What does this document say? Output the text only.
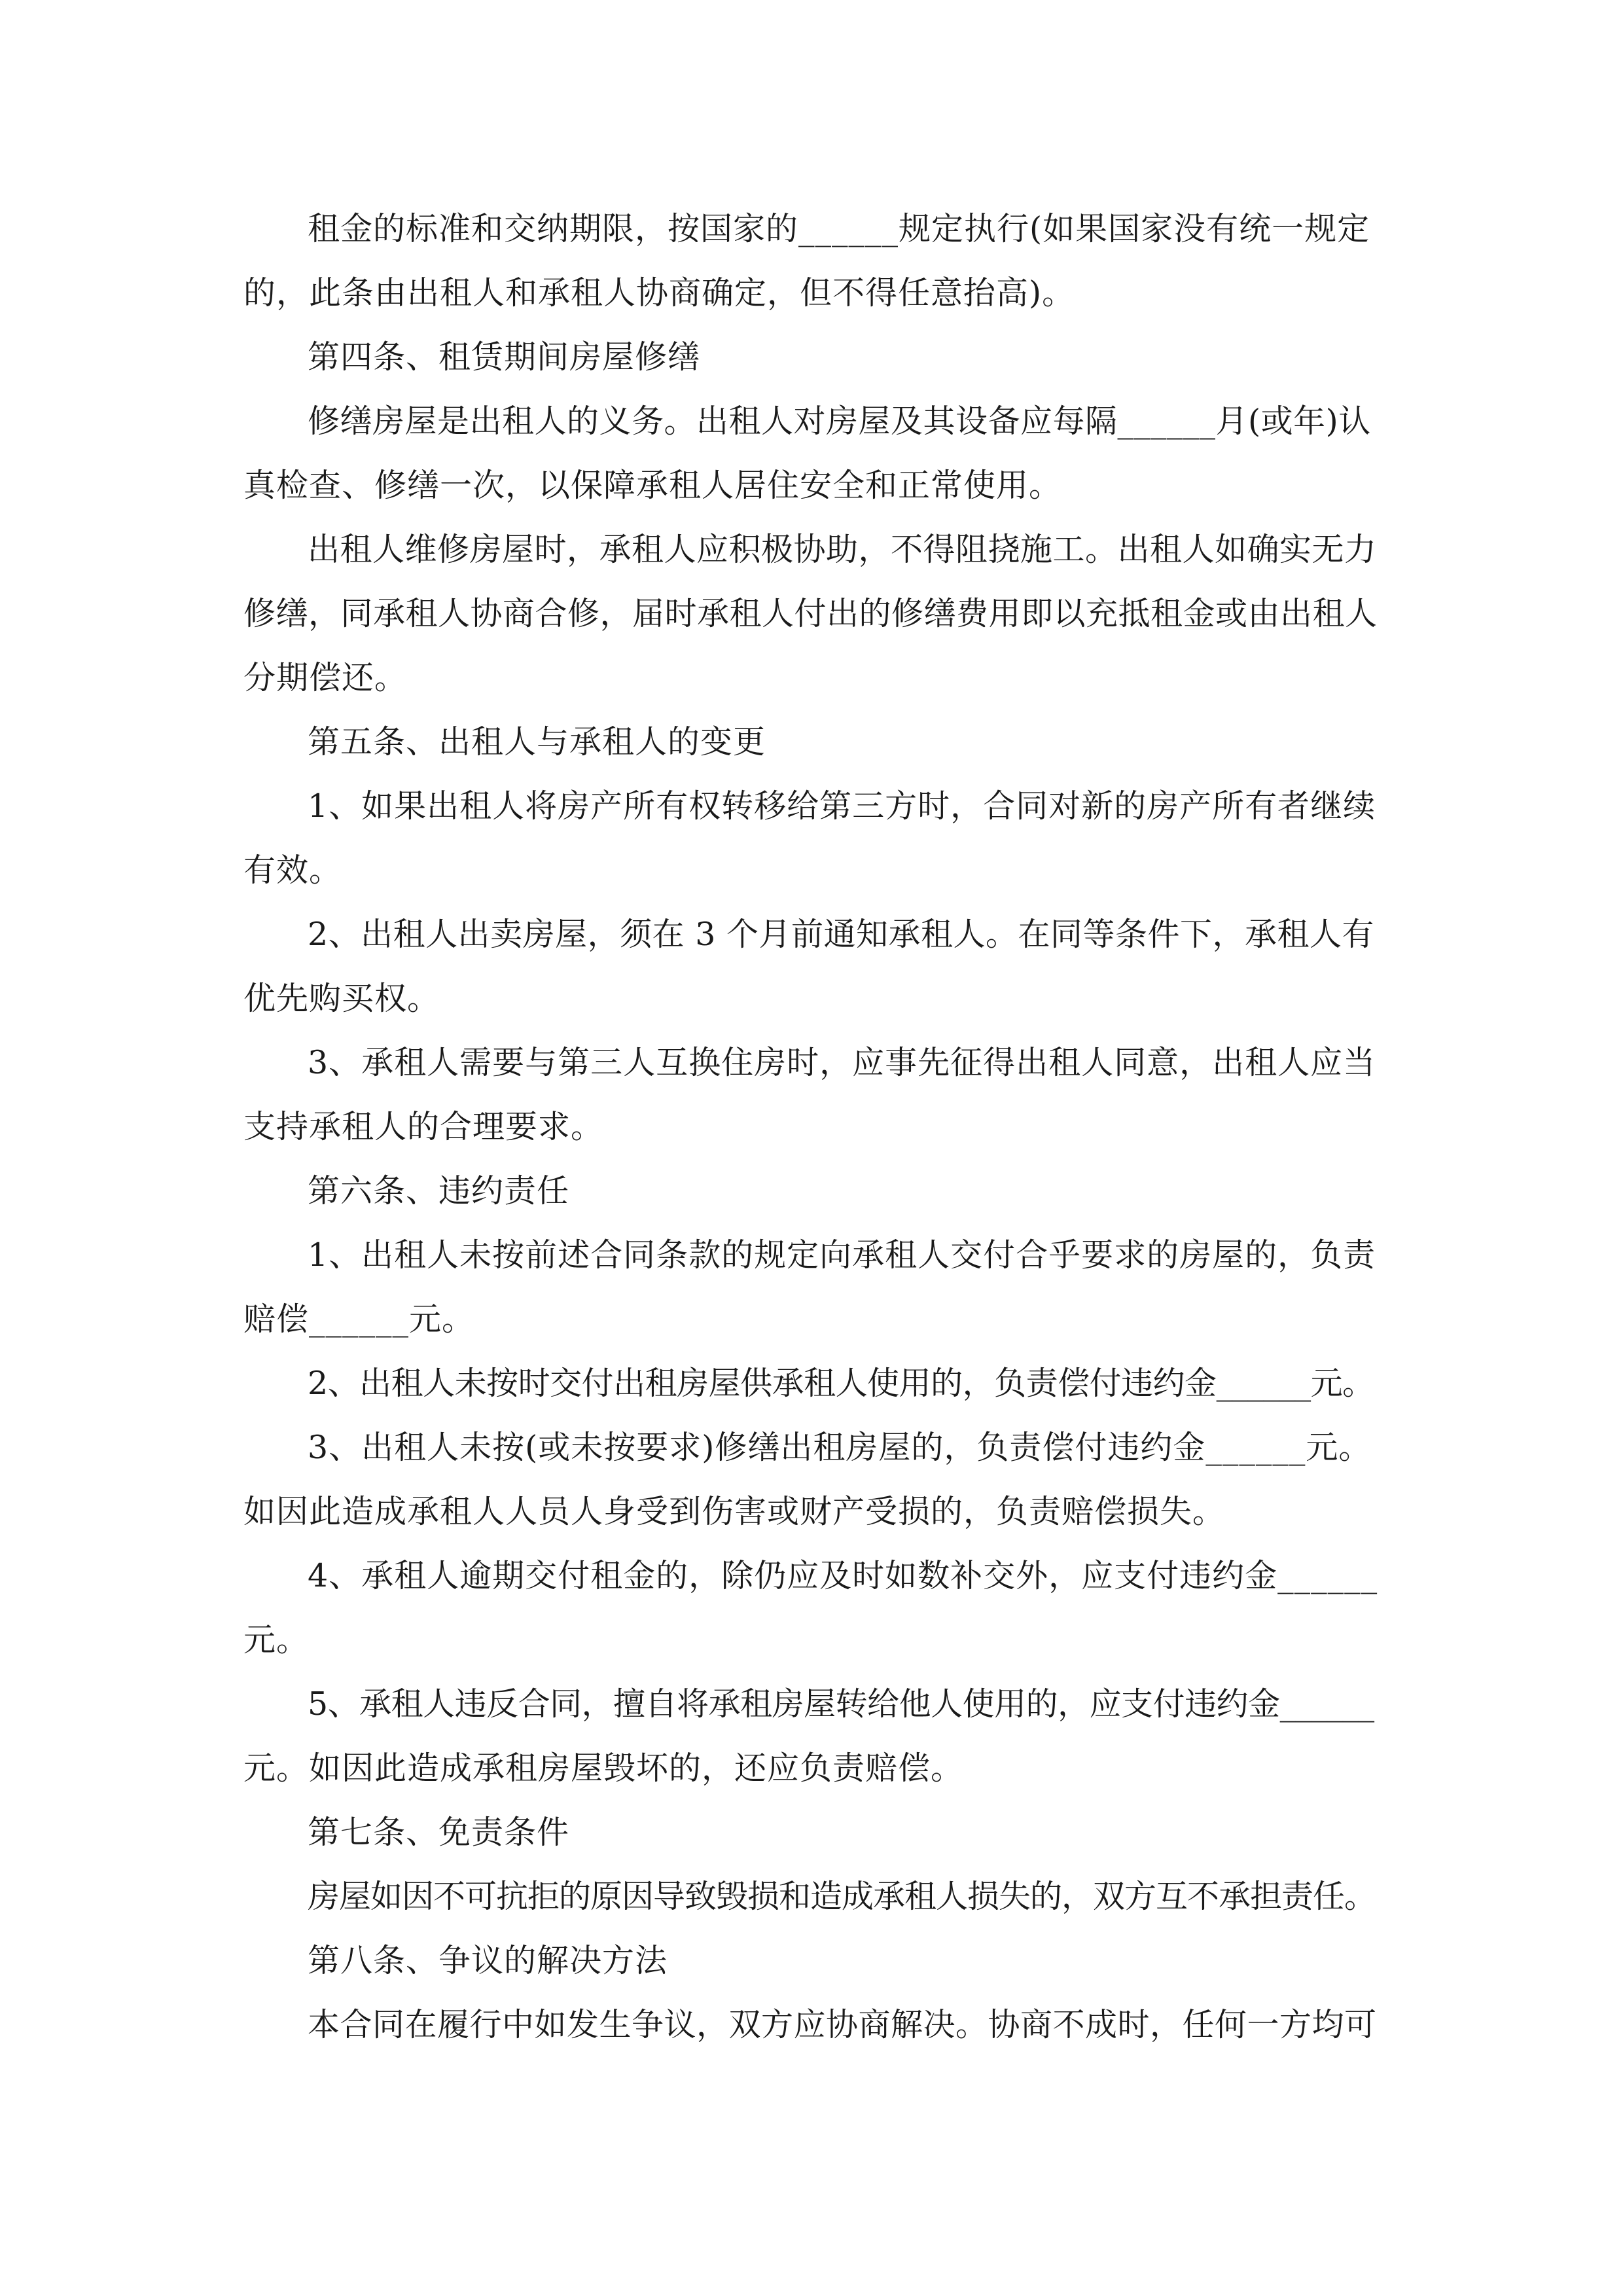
租金的标准和交纳期限，按国家的______规定执行(如果国家没有统一规定

的，此条由出租人和承租人协商确定，但不得任意抬高)。

第四条、租赁期间房屋修缮

修缮房屋是出租人的义务。出租人对房屋及其设备应每隔______月(或年)认

真检查、修缮一次，以保障承租人居住安全和正常使用。

出租人维修房屋时，承租人应积极协助，不得阻挠施工。出租人如确实无力

修缮，同承租人协商合修，届时承租人付出的修缮费用即以充抵租金或由出租人

分期偿还。

第五条、出租人与承租人的变更

1、如果出租人将房产所有权转移给第三方时，合同对新的房产所有者继续

有效。

2、出租人出卖房屋，须在 3 个月前通知承租人。在同等条件下，承租人有

优先购买权。

3、承租人需要与第三人互换住房时，应事先征得出租人同意，出租人应当

支持承租人的合理要求。

第六条、违约责任

1、出租人未按前述合同条款的规定向承租人交付合乎要求的房屋的，负责

赔偿______元。

2、出租人未按时交付出租房屋供承租人使用的，负责偿付违约金______元。

3、出租人未按(或未按要求)修缮出租房屋的，负责偿付违约金______元。

如因此造成承租人人员人身受到伤害或财产受损的，负责赔偿损失。

4、承租人逾期交付租金的，除仍应及时如数补交外，应支付违约金______

元。

5、承租人违反合同，擅自将承租房屋转给他人使用的，应支付违约金______

元。如因此造成承租房屋毁坏的，还应负责赔偿。

第七条、免责条件

房屋如因不可抗拒的原因导致毁损和造成承租人损失的，双方互不承担责任。

第八条、争议的解决方法

本合同在履行中如发生争议，双方应协商解决。协商不成时，任何一方均可
